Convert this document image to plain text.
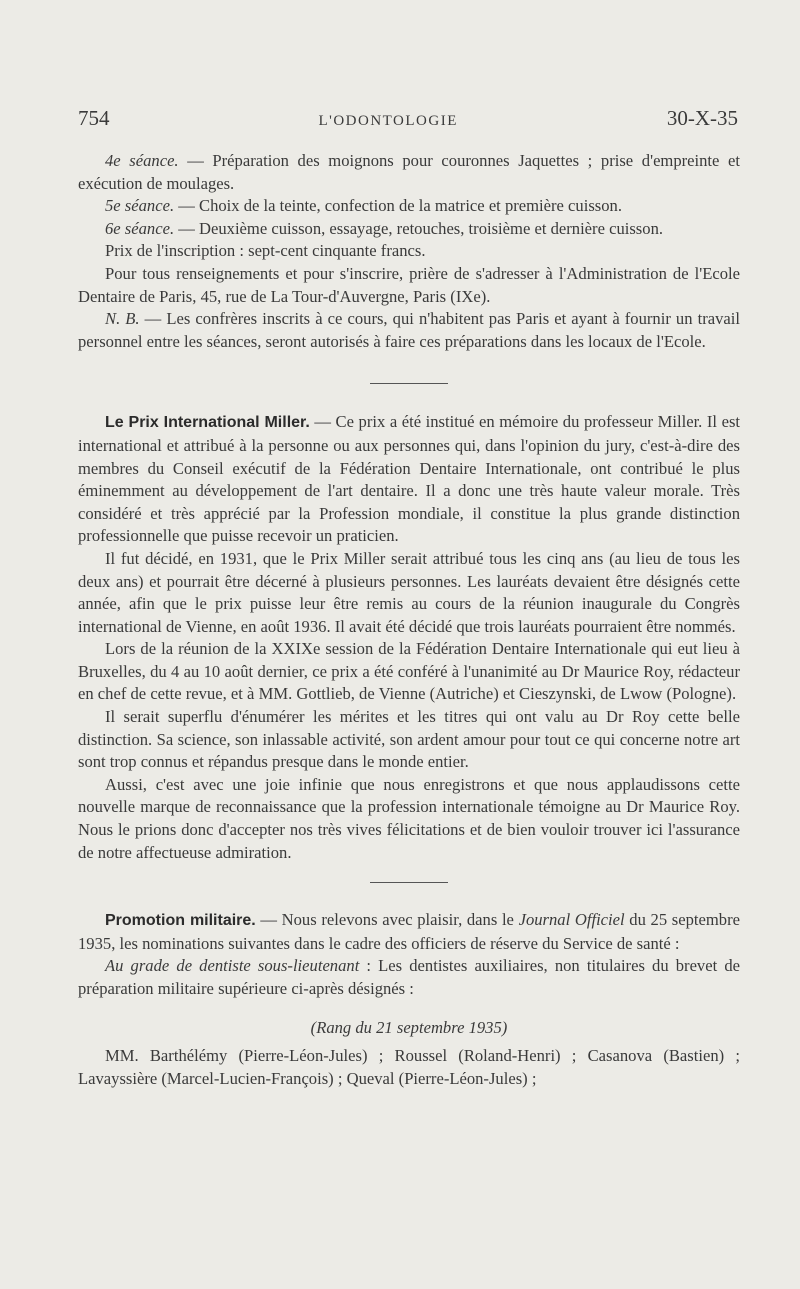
754	L'ODONTOLOGIE	30-X-35

4e séance. — Préparation des moignons pour couronnes Jaquettes ; prise d'empreinte et exécution de moulages.

5e séance. — Choix de la teinte, confection de la matrice et première cuisson.

6e séance. — Deuxième cuisson, essayage, retouches, troisième et dernière cuisson.

Prix de l'inscription : sept-cent cinquante francs.

Pour tous renseignements et pour s'inscrire, prière de s'adresser à l'Administration de l'Ecole Dentaire de Paris, 45, rue de La Tour-d'Auvergne, Paris (IXe).

N. B. — Les confrères inscrits à ce cours, qui n'habitent pas Paris et ayant à fournir un travail personnel entre les séances, seront autorisés à faire ces préparations dans les locaux de l'Ecole.

Le Prix International Miller. — Ce prix a été institué en mémoire du professeur Miller. Il est international et attribué à la personne ou aux personnes qui, dans l'opinion du jury, c'est-à-dire des membres du Conseil exécutif de la Fédération Dentaire Internationale, ont contribué le plus éminemment au développement de l'art dentaire. Il a donc une très haute valeur morale. Très considéré et très apprécié par la Profession mondiale, il constitue la plus grande distinction professionnelle que puisse recevoir un praticien.

Il fut décidé, en 1931, que le Prix Miller serait attribué tous les cinq ans (au lieu de tous les deux ans) et pourrait être décerné à plusieurs personnes. Les lauréats devaient être désignés cette année, afin que le prix puisse leur être remis au cours de la réunion inaugurale du Congrès international de Vienne, en août 1936. Il avait été décidé que trois lauréats pourraient être nommés.

Lors de la réunion de la XXIXe session de la Fédération Dentaire Internationale qui eut lieu à Bruxelles, du 4 au 10 août dernier, ce prix a été conféré à l'unanimité au Dr Maurice Roy, rédacteur en chef de cette revue, et à MM. Gottlieb, de Vienne (Autriche) et Cieszynski, de Lwow (Pologne).

Il serait superflu d'énumérer les mérites et les titres qui ont valu au Dr Roy cette belle distinction. Sa science, son inlassable activité, son ardent amour pour tout ce qui concerne notre art sont trop connus et répandus presque dans le monde entier.

Aussi, c'est avec une joie infinie que nous enregistrons et que nous applaudissons cette nouvelle marque de reconnaissance que la profession internationale témoigne au Dr Maurice Roy. Nous le prions donc d'accepter nos très vives félicitations et de bien vouloir trouver ici l'assurance de notre affectueuse admiration.

Promotion militaire. — Nous relevons avec plaisir, dans le Journal Officiel du 25 septembre 1935, les nominations suivantes dans le cadre des officiers de réserve du Service de santé :

Au grade de dentiste sous-lieutenant : Les dentistes auxiliaires, non titulaires du brevet de préparation militaire supérieure ci-après désignés :

(Rang du 21 septembre 1935)

MM. Barthélémy (Pierre-Léon-Jules) ; Roussel (Roland-Henri) ; Casanova (Bastien) ; Lavayssière (Marcel-Lucien-François) ; Queval (Pierre-Léon-Jules) ;
